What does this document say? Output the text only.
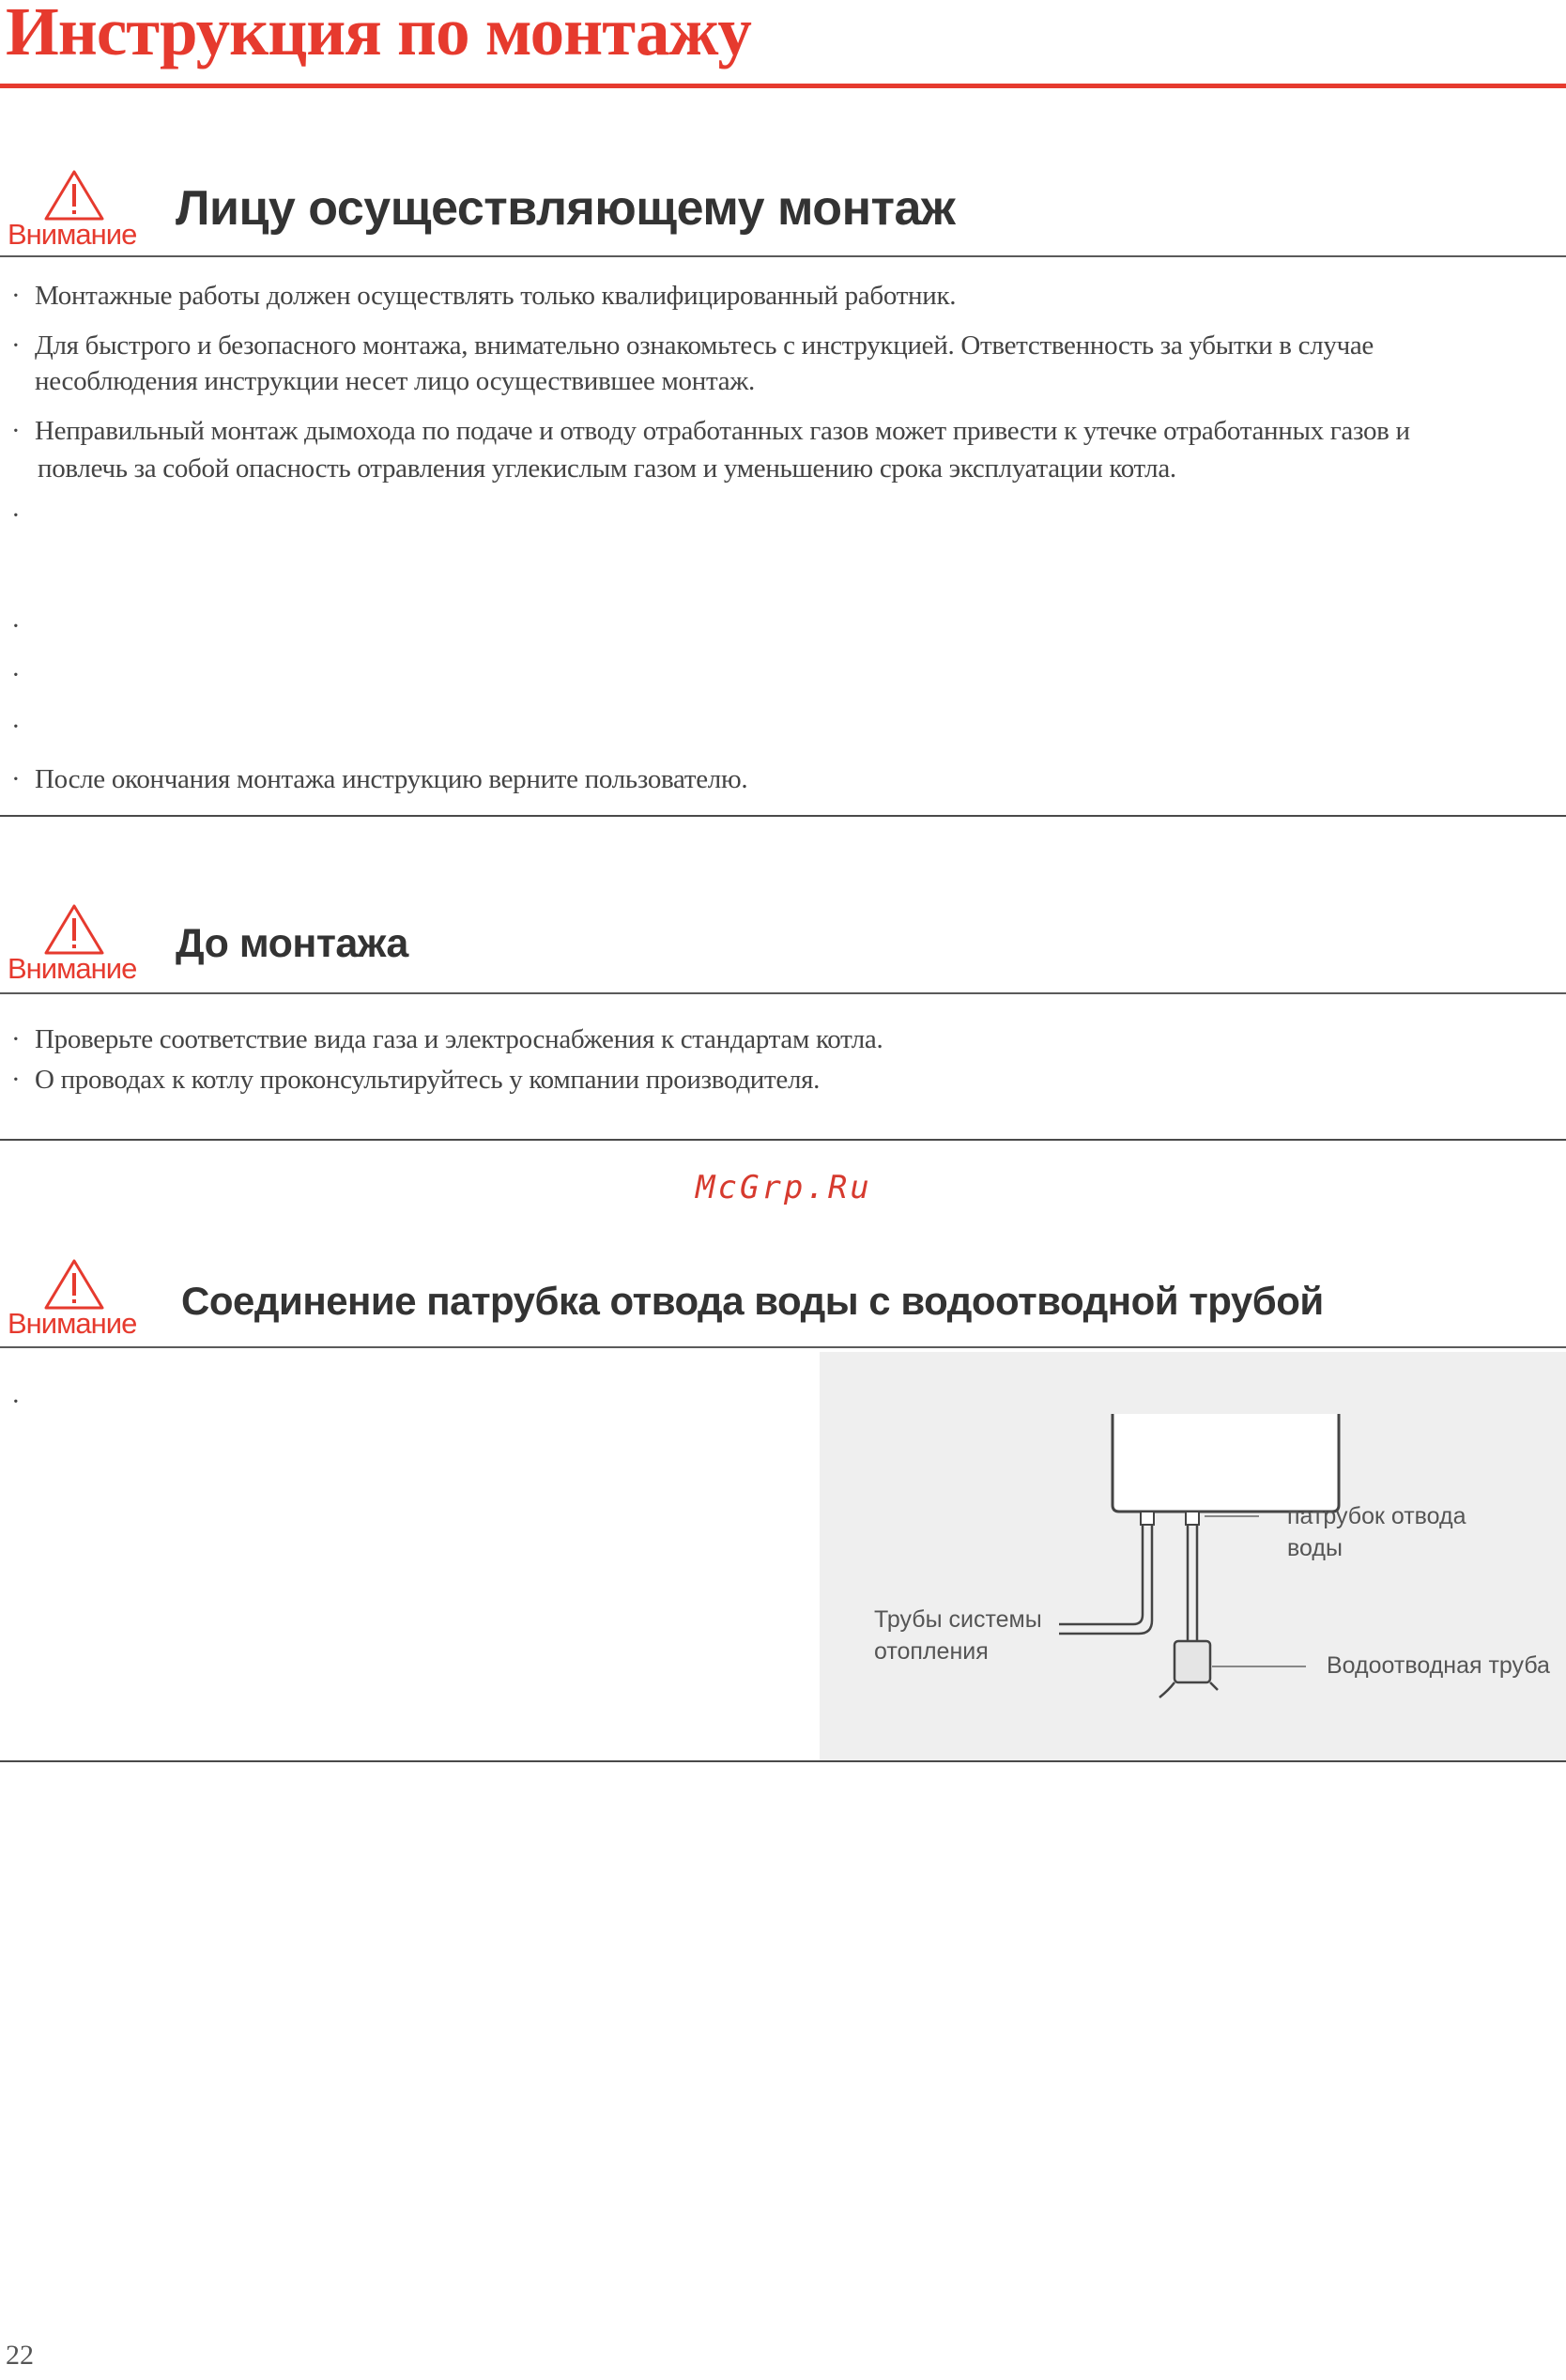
Инструкция по монтажу
Внимание Лицу осуществляющему монтаж
· Монтажные работы должен осуществлять только квалифицированный работник.
· Для быстрого и безопасного монтажа, внимательно ознакомьтесь с инструкцией. Ответственность за убытки в случае
несоблюдения инструкции несет лицо осуществившее монтаж.
· Неправильный монтаж дымохода по подаче и отводу отработанных газов может привести к утечке отработанных газов и
повлечь за собой опасность отравления углекислым газом и уменьшению срока эксплуатации котла.
·
·
·
·
· После окончания монтажа инструкцию верните пользователю.
Внимание
До монтажа
· Проверьте соответствие вида газа и электроснабжения к стандартам котла.
· О проводах к котлу проконсультируйтесь у компании производителя.

McGrp.Ru

Внимание
Соединение патрубка отвода воды с водоотводной трубой
·
патрубок отвода
воды
Трубы системы
отопления
Водоотводная труба
22
